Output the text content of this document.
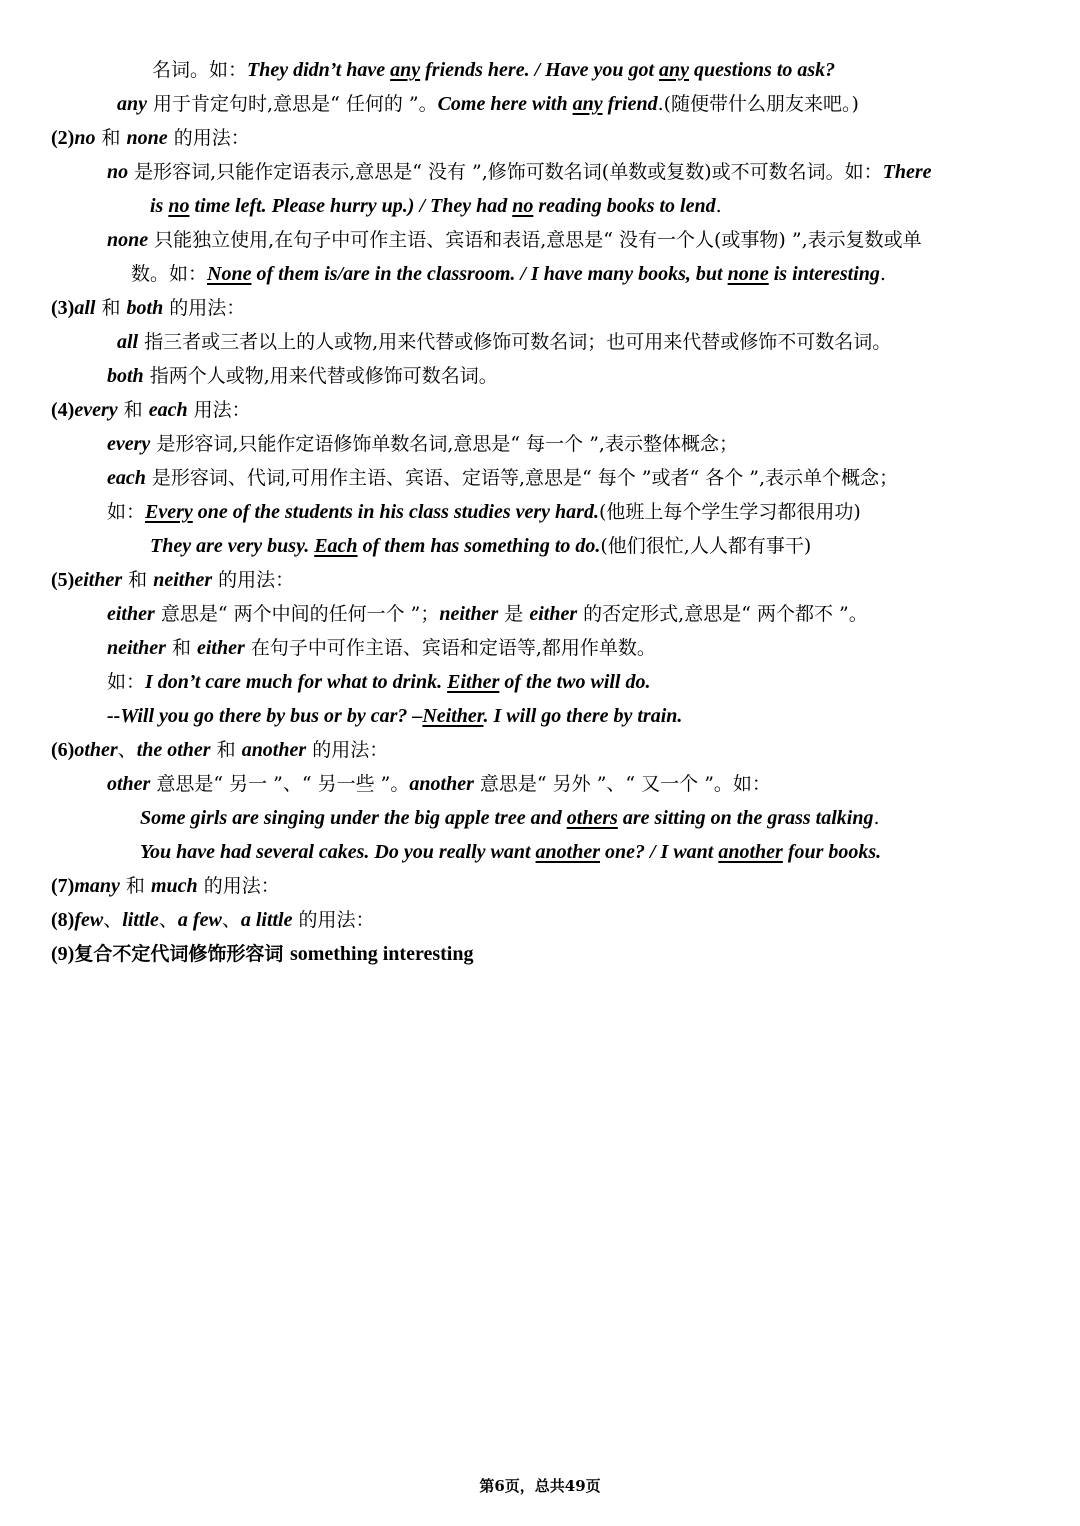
名词。如：They didn’t have any friends here. / Have you got any questions to ask?
any 用于肯定句时,意思是“ 任何的 ”。Come here with any friend.(随便带什么朋友来吧。)
(2)no 和 none 的用法：
no 是形容词,只能作定语表示,意思是“ 没有 ”,修饰可数名词(单数或复数)或不可数名词。如：There
is no time left. Please hurry up.) / They had no reading books to lend.
none 只能独立使用,在句子中可作主语、宾语和表语,意思是“ 没有一个人(或事物) ”,表示复数或单
数。如：None of them is/are in the classroom. / I have many books, but none is interesting.
(3)all 和 both 的用法：
all 指三者或三者以上的人或物,用来代替或修饰可数名词；也可用来代替或修饰不可数名词。
both 指两个人或物,用来代替或修饰可数名词。
(4)every 和 each 用法：
every 是形容词,只能作定语修饰单数名词,意思是“ 每一个 ”,表示整体概念；
each 是形容词、代词,可用作主语、宾语、定语等,意思是“ 每个 ”或者“ 各个 ”,表示单个概念；
如：Every one of the students in his class studies very hard.(他班上每个学生学习都很用功)
They are very busy. Each of them has something to do.(他们很忙,人人都有事干)
(5)either 和 neither 的用法：
either 意思是“ 两个中间的任何一个 ”；neither 是 either 的否定形式,意思是“ 两个都不 ”。
neither 和 either 在句子中可作主语、宾语和定语等,都用作单数。
如：I don’t care much for what to drink. Either of the two will do.
--Will you go there by bus or by car? –Neither. I will go there by train.
(6)other、the other 和 another 的用法：
other 意思是“ 另一 ”、“ 另一些 ”。another 意思是“ 另外 ”、“ 又一个 ”。如：
Some girls are singing under the big apple tree and others are sitting on the grass talking.
You have had several cakes. Do you really want another one? / I want another four books.
(7)many 和 much 的用法：
(8)few、little、a few、a little 的用法：
(9)复合不定代词修饰形容词 something interesting
第6页，总共49页
